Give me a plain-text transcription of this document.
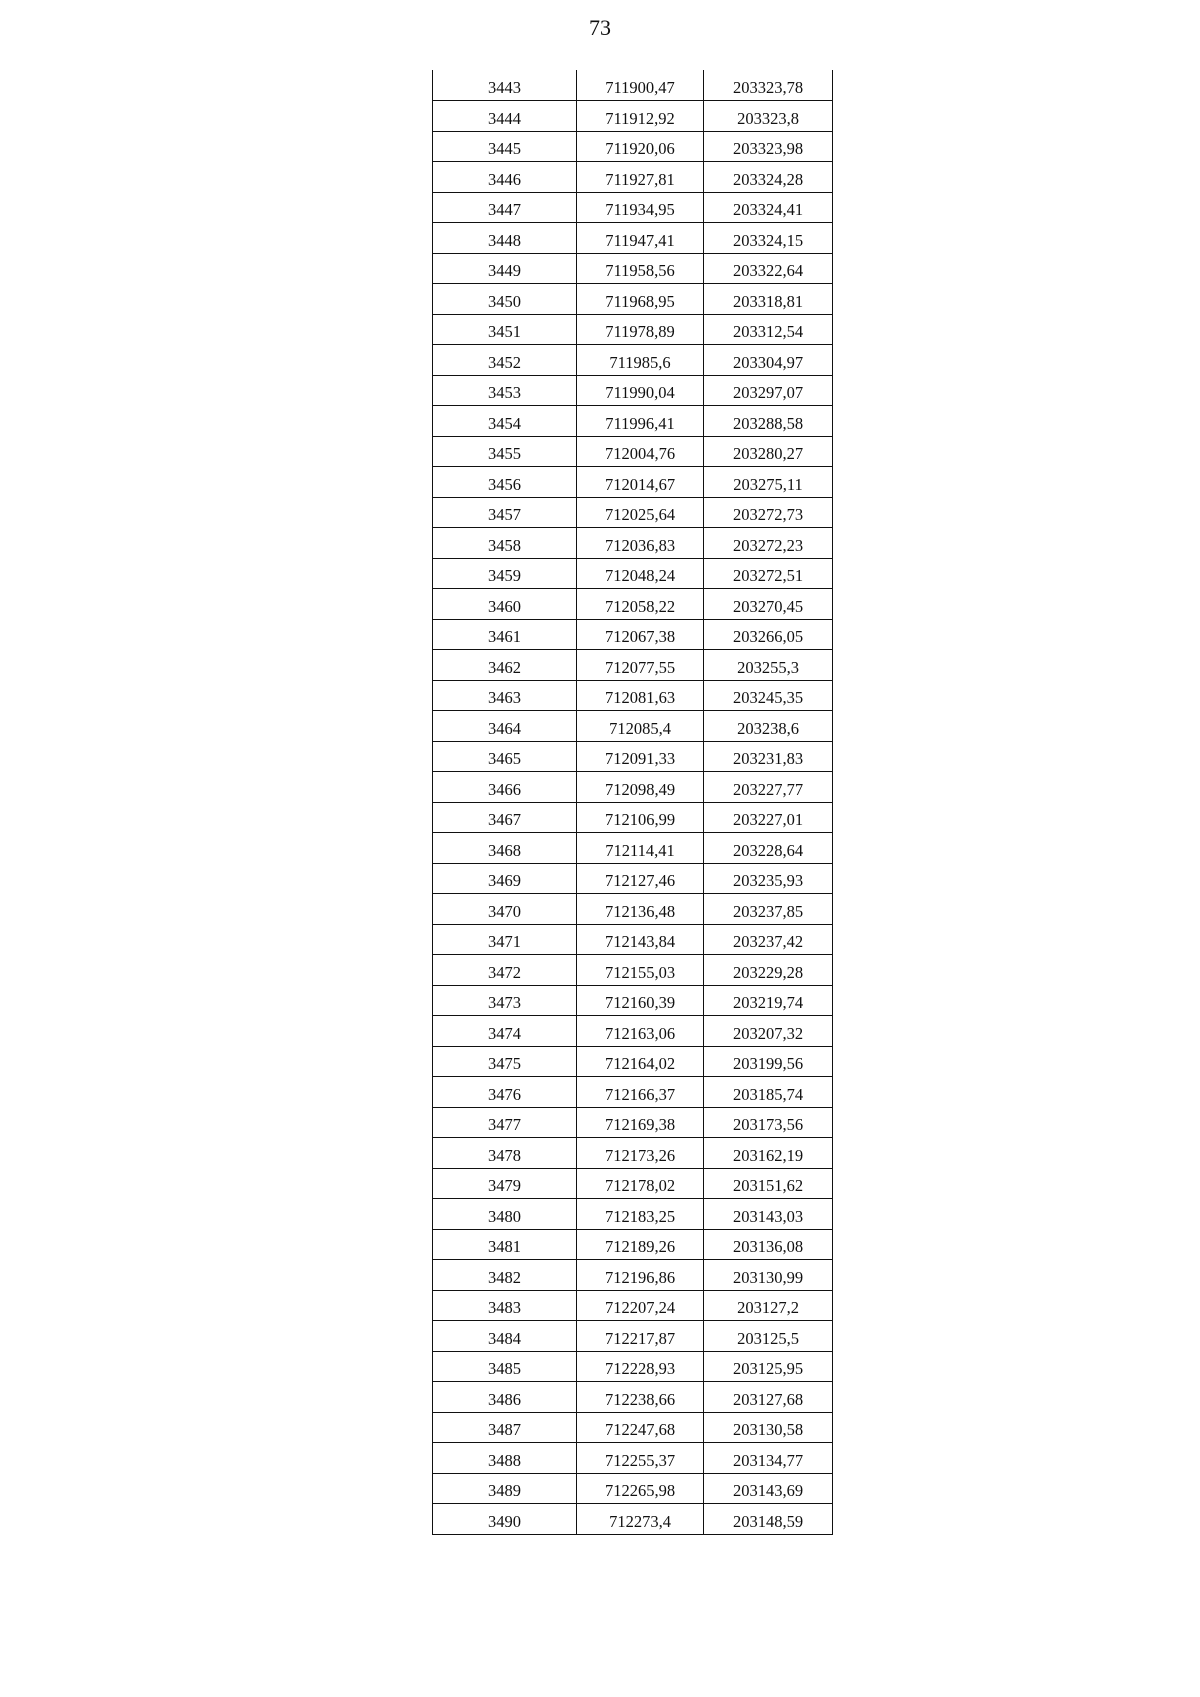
73
3443	711900,47	203323,78
3444	711912,92	203323,8
3445	711920,06	203323,98
3446	711927,81	203324,28
3447	711934,95	203324,41
3448	711947,41	203324,15
3449	711958,56	203322,64
3450	711968,95	203318,81
3451	711978,89	203312,54
3452	711985,6	203304,97
3453	711990,04	203297,07
3454	711996,41	203288,58
3455	712004,76	203280,27
3456	712014,67	203275,11
3457	712025,64	203272,73
3458	712036,83	203272,23
3459	712048,24	203272,51
3460	712058,22	203270,45
3461	712067,38	203266,05
3462	712077,55	203255,3
3463	712081,63	203245,35
3464	712085,4	203238,6
3465	712091,33	203231,83
3466	712098,49	203227,77
3467	712106,99	203227,01
3468	712114,41	203228,64
3469	712127,46	203235,93
3470	712136,48	203237,85
3471	712143,84	203237,42
3472	712155,03	203229,28
3473	712160,39	203219,74
3474	712163,06	203207,32
3475	712164,02	203199,56
3476	712166,37	203185,74
3477	712169,38	203173,56
3478	712173,26	203162,19
3479	712178,02	203151,62
3480	712183,25	203143,03
3481	712189,26	203136,08
3482	712196,86	203130,99
3483	712207,24	203127,2
3484	712217,87	203125,5
3485	712228,93	203125,95
3486	712238,66	203127,68
3487	712247,68	203130,58
3488	712255,37	203134,77
3489	712265,98	203143,69
3490	712273,4	203148,59
